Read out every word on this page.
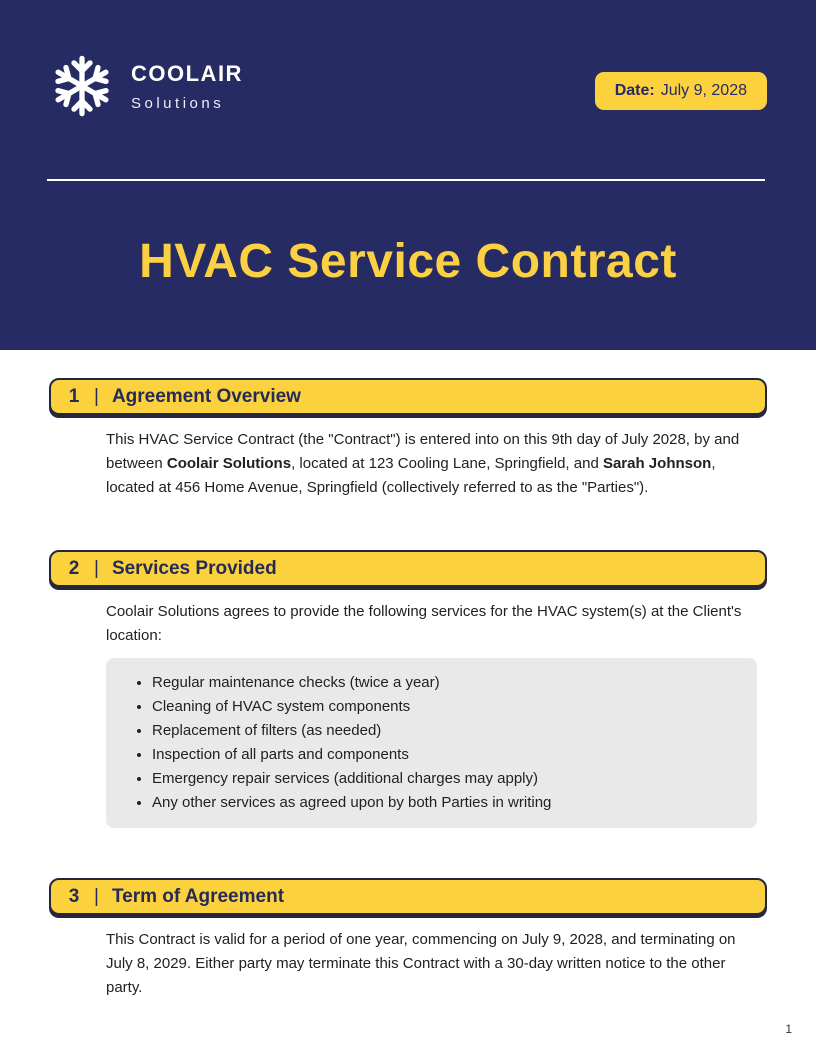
COOLAIR
Solutions
Date: July 9, 2028
HVAC Service Contract
1 | Agreement Overview

This HVAC Service Contract (the "Contract") is entered into on this 9th day of July 2028, by and between Coolair Solutions, located at 123 Cooling Lane, Springfield, and Sarah Johnson, located at 456 Home Avenue, Springfield (collectively referred to as the "Parties").

2 | Services Provided

Coolair Solutions agrees to provide the following services for the HVAC system(s) at the Client's location:

• Regular maintenance checks (twice a year)
• Cleaning of HVAC system components
• Replacement of filters (as needed)
• Inspection of all parts and components
• Emergency repair services (additional charges may apply)
• Any other services as agreed upon by both Parties in writing
3 | Term of Agreement

This Contract is valid for a period of one year, commencing on July 9, 2028, and terminating on July 8, 2029. Either party may terminate this Contract with a 30-day written notice to the other party.

1
